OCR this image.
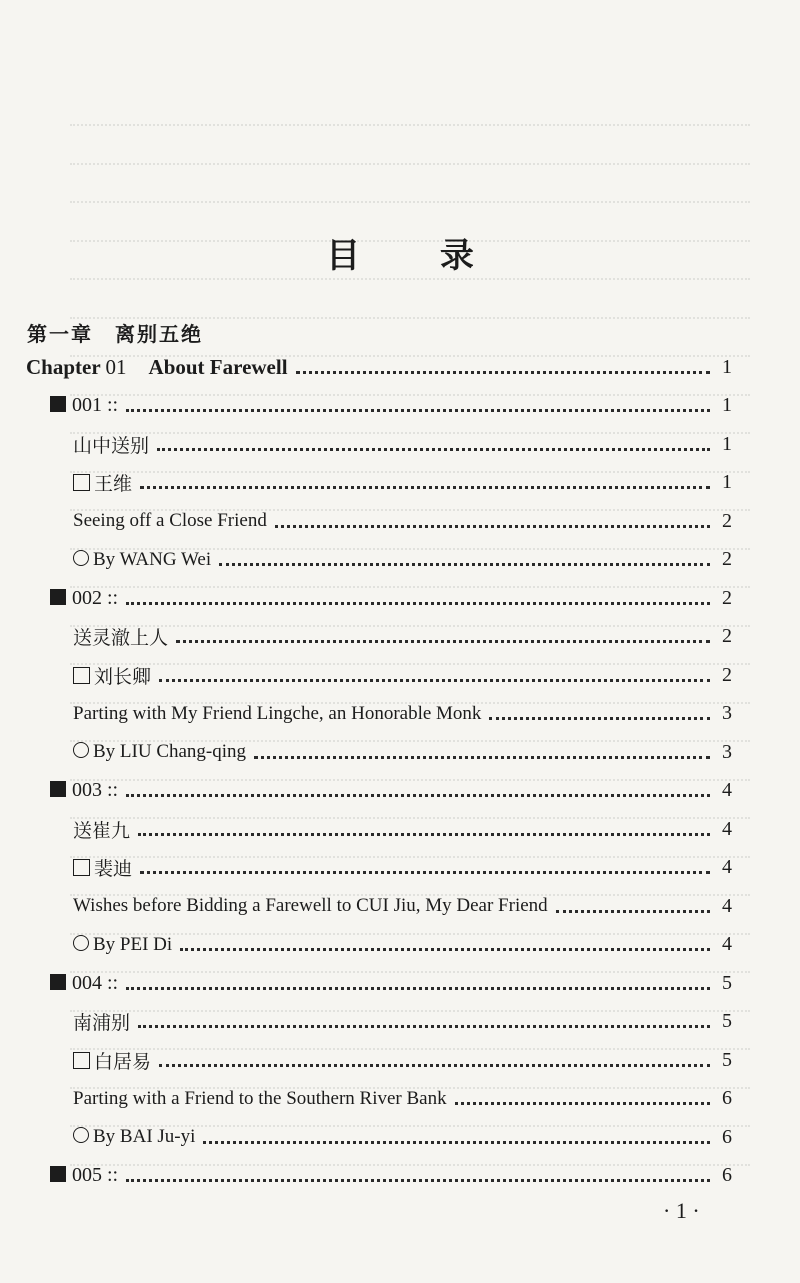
目 录
第一章　离别五绝
Chapter 01 About Farewell	1
001 ::	1
山中送别	1
王维	1
Seeing off a Close Friend	2
By WANG Wei	2
002 ::	2
送灵澈上人	2
刘长卿	2
Parting with My Friend Lingche, an Honorable Monk	3
By LIU Chang-qing	3
003 ::	4
送崔九	4
裴迪	4
Wishes before Bidding a Farewell to CUI Jiu, My Dear Friend	4
By PEI Di	4
004 ::	5
南浦别	5
白居易	5
Parting with a Friend to the Southern River Bank	6
By BAI Ju-yi	6
005 ::	6
· 1 ·
